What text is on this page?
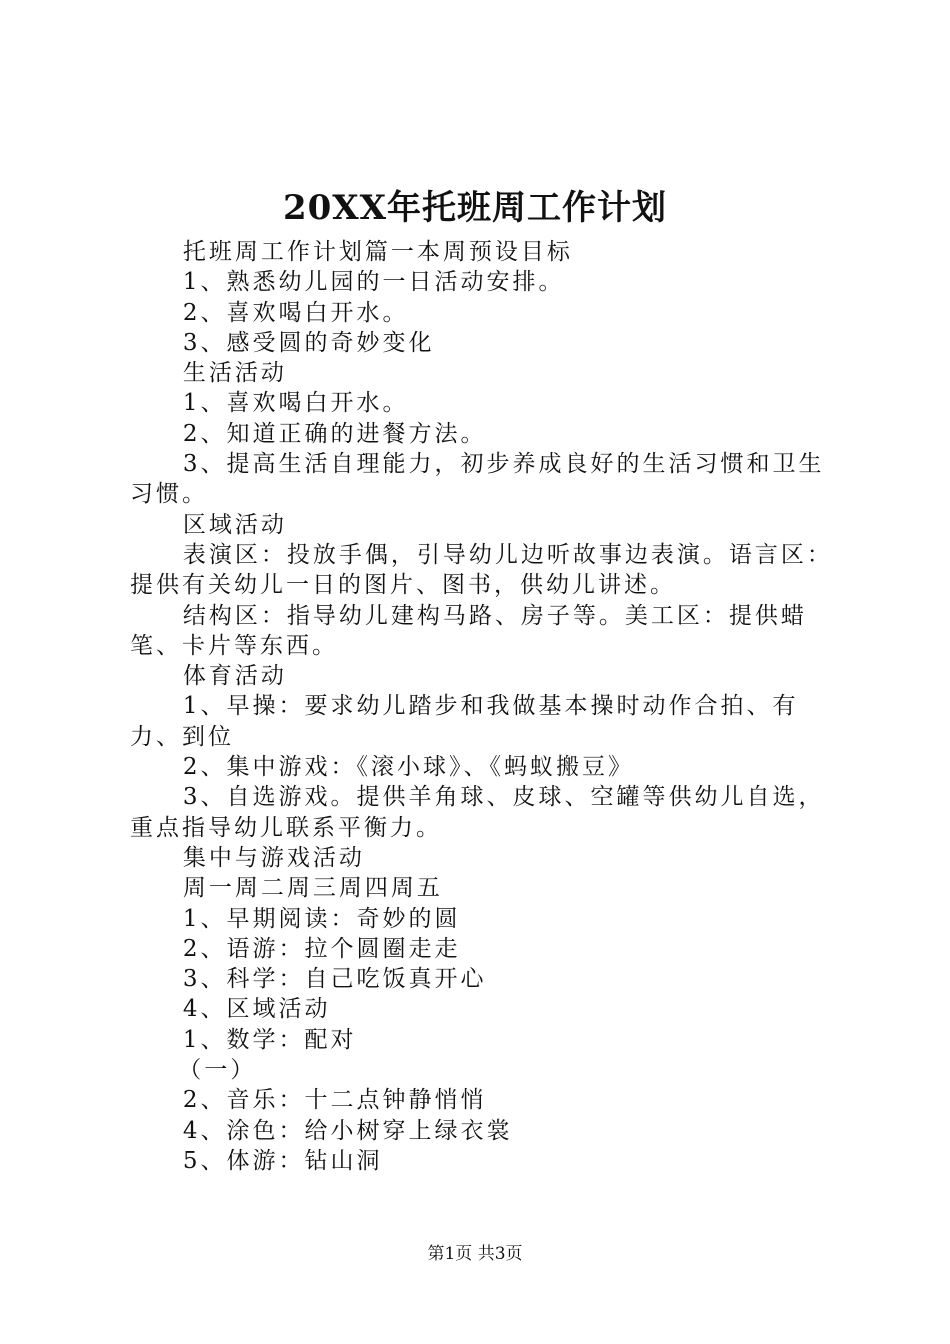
20XX年托班周工作计划

托班周工作计划篇一本周预设目标

1、熟悉幼儿园的一日活动安排。

2、喜欢喝白开水。

3、感受圆的奇妙变化

生活活动

1、喜欢喝白开水。

2、知道正确的进餐方法。

3、提高生活自理能力，初步养成良好的生活习惯和卫生习惯。

区域活动

表演区：投放手偶，引导幼儿边听故事边表演。语言区：提供有关幼儿一日的图片、图书，供幼儿讲述。

结构区：指导幼儿建构马路、房子等。美工区：提供蜡笔、卡片等东西。

体育活动

1、早操：要求幼儿踏步和我做基本操时动作合拍、有力、到位

2、集中游戏：《滚小球》、《蚂蚁搬豆》

3、自选游戏。提供羊角球、皮球、空罐等供幼儿自选，重点指导幼儿联系平衡力。

集中与游戏活动

周一周二周三周四周五

1、早期阅读：奇妙的圆

2、语游：拉个圆圈走走

3、科学：自己吃饭真开心

4、区域活动

1、数学：配对

（一）

2、音乐：十二点钟静悄悄

4、涂色：给小树穿上绿衣裳

5、体游：钻山洞

第1页 共3页
